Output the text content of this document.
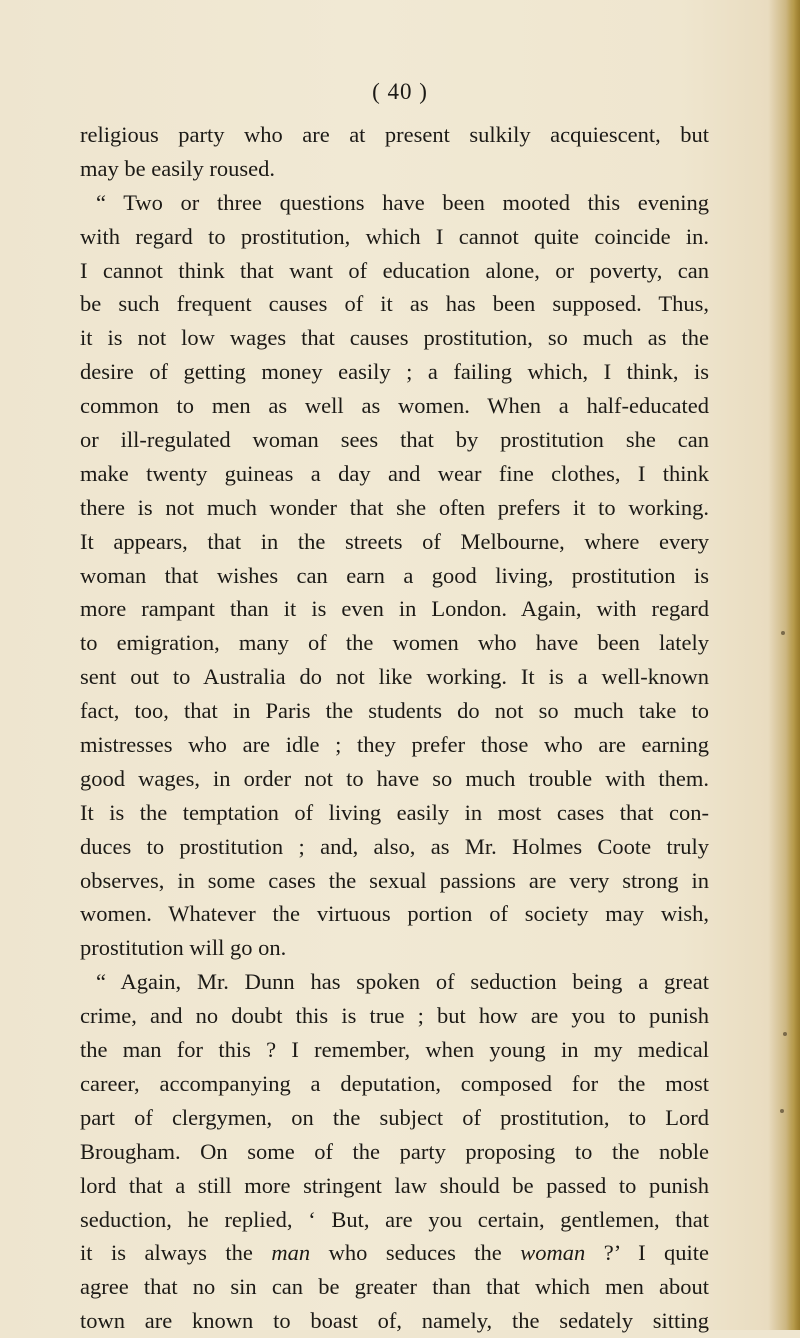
( 40 )
religious party who are at present sulkily acquiescent, but
may be easily roused.
“ Two or three questions have been mooted this evening
with regard to prostitution, which I cannot quite coincide in.
I cannot think that want of education alone, or poverty, can
be such frequent causes of it as has been supposed. Thus,
it is not low wages that causes prostitution, so much as the
desire of getting money easily ; a failing which, I think, is
common to men as well as women. When a half-educated
or ill-regulated woman sees that by prostitution she can
make twenty guineas a day and wear fine clothes, I think
there is not much wonder that she often prefers it to working.
It appears, that in the streets of Melbourne, where every
woman that wishes can earn a good living, prostitution is
more rampant than it is even in London. Again, with regard
to emigration, many of the women who have been lately
sent out to Australia do not like working. It is a well-known
fact, too, that in Paris the students do not so much take to
mistresses who are idle ; they prefer those who are earning
good wages, in order not to have so much trouble with them.
It is the temptation of living easily in most cases that con-
duces to prostitution ; and, also, as Mr. Holmes Coote truly
observes, in some cases the sexual passions are very strong in
women. Whatever the virtuous portion of society may wish,
prostitution will go on.
“ Again, Mr. Dunn has spoken of seduction being a great
crime, and no doubt this is true ; but how are you to punish
the man for this ? I remember, when young in my medical
career, accompanying a deputation, composed for the most
part of clergymen, on the subject of prostitution, to Lord
Brougham. On some of the party proposing to the noble
lord that a still more stringent law should be passed to punish
seduction, he replied, ‘ But, are you certain, gentlemen, that
it is always the man who seduces the woman ?’ I quite
agree that no sin can be greater than that which men about
town are known to boast of, namely, the sedately sitting
